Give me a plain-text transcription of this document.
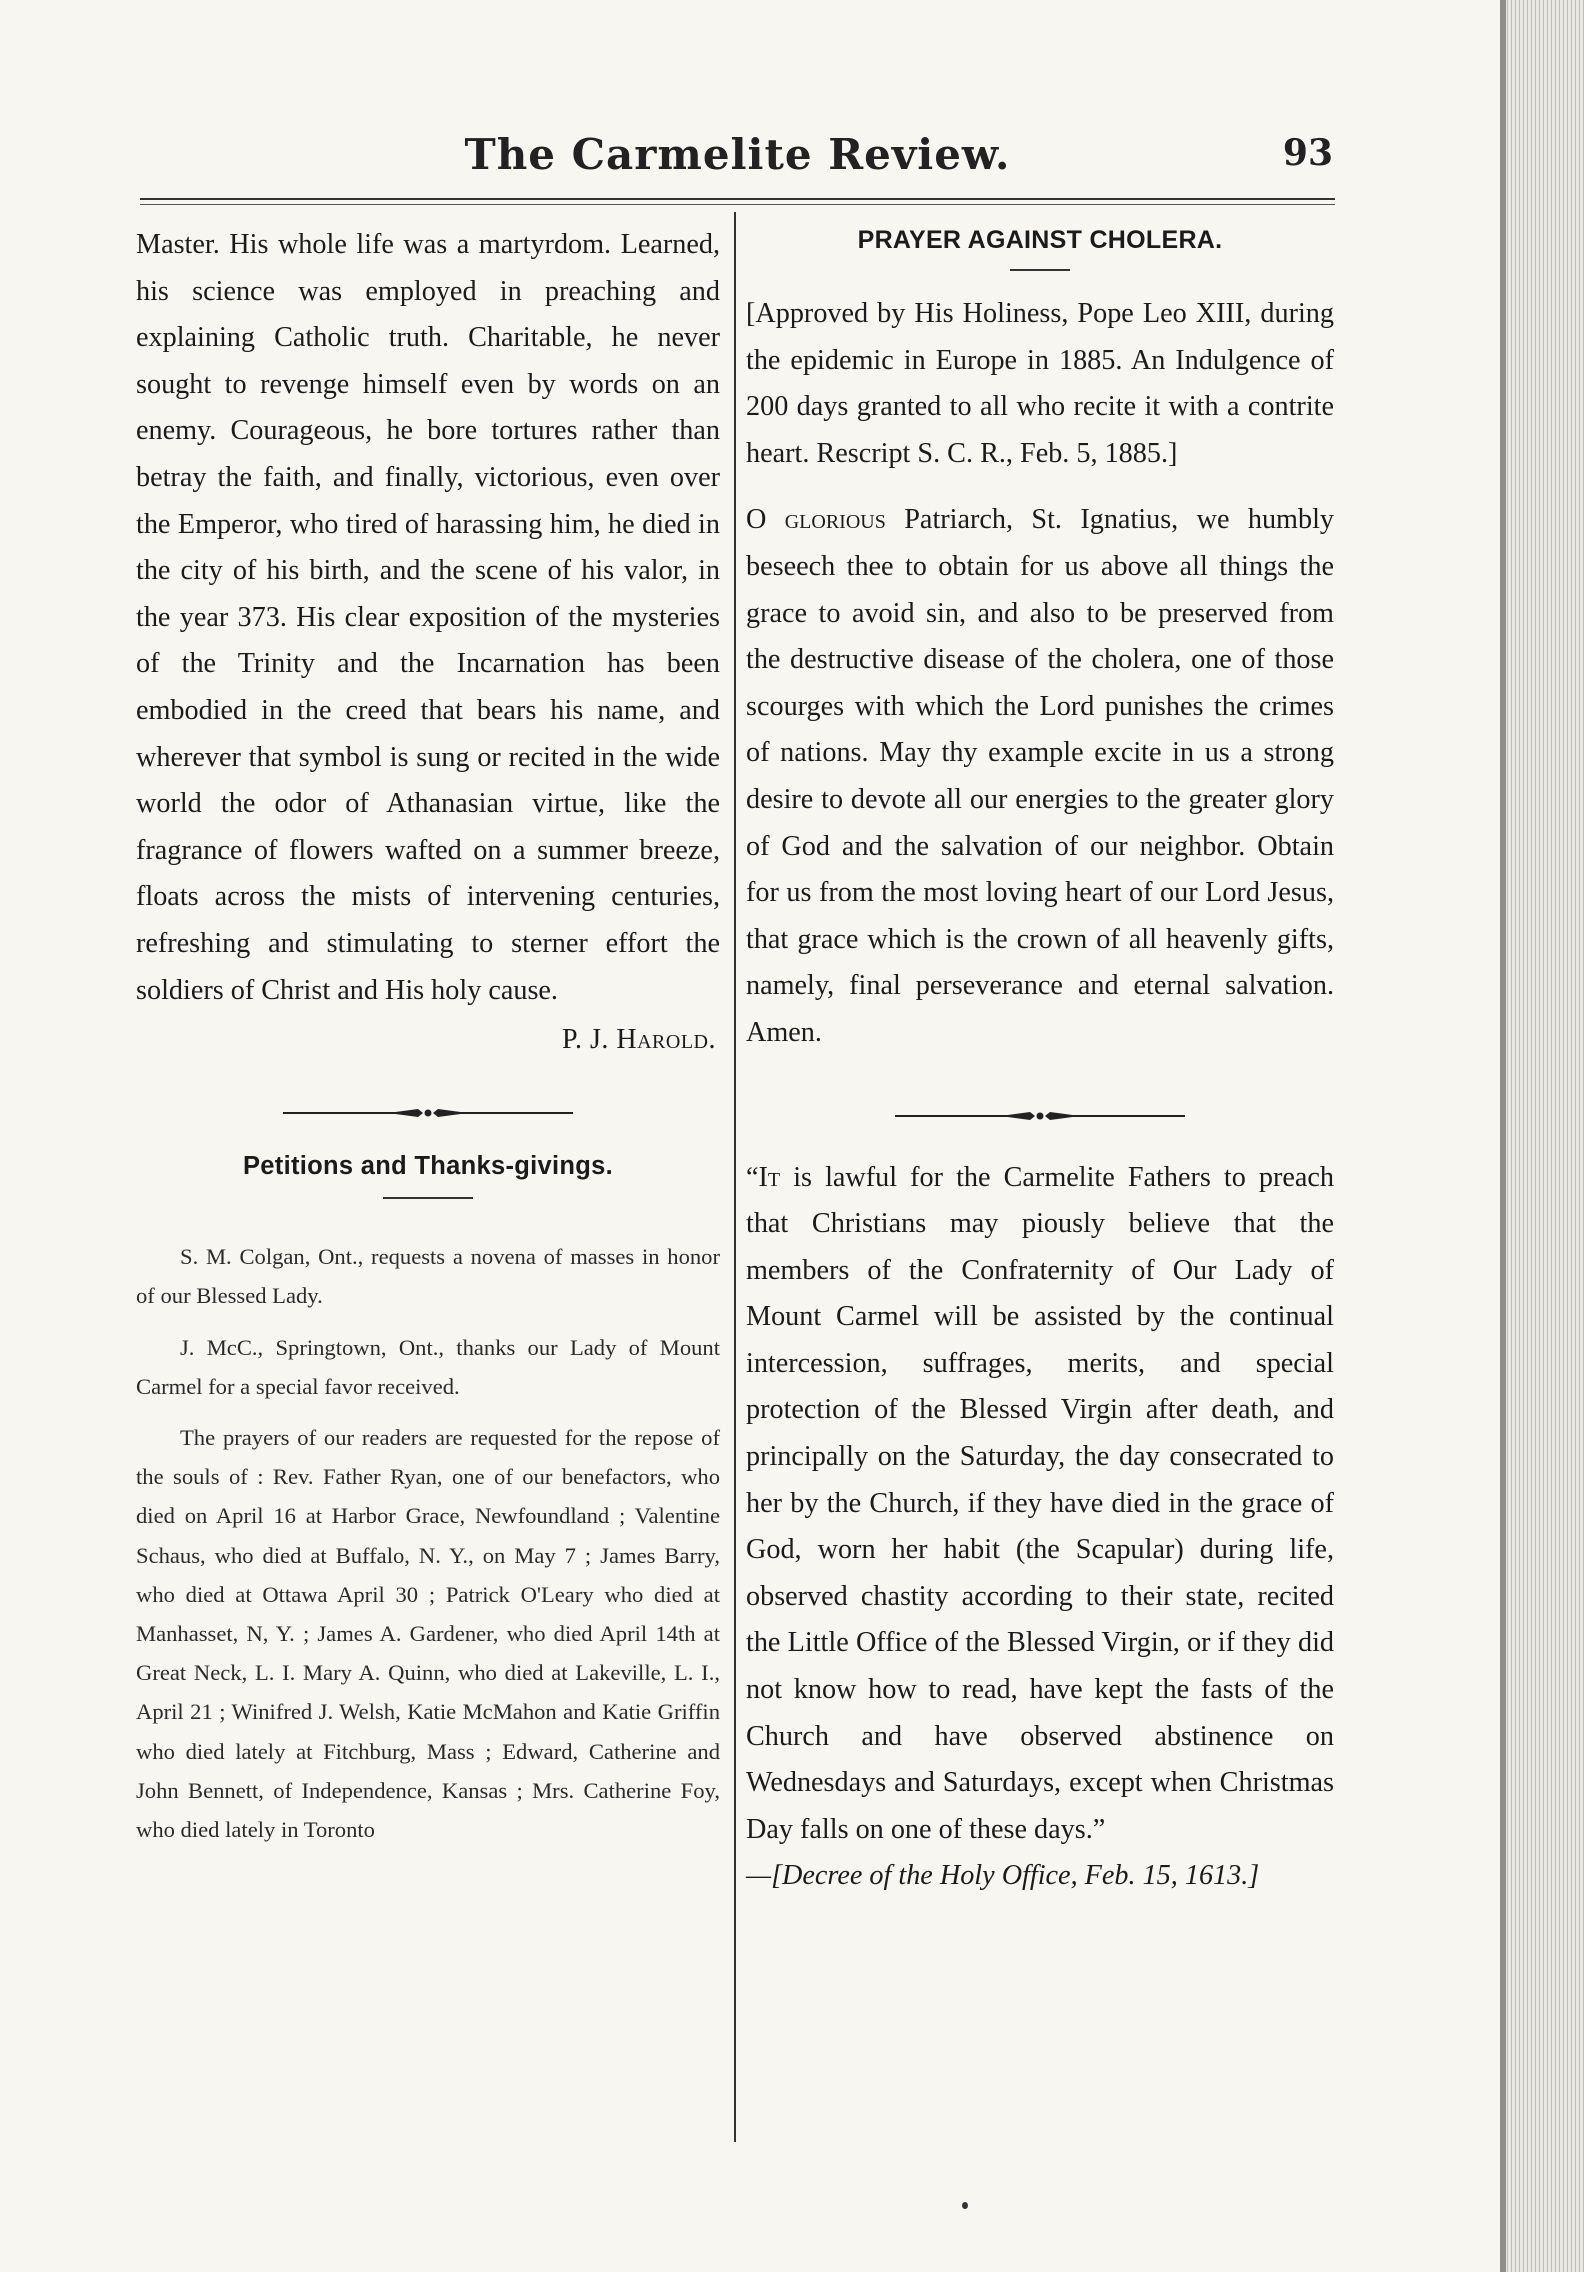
The Carmelite Review.	93

Master. His whole life was a martyrdom. Learned, his science was employed in preaching and explaining Catholic truth. Charitable, he never sought to revenge himself even by words on an enemy. Courageous, he bore tortures rather than betray the faith, and finally, victorious, even over the Emperor, who tired of harassing him, he died in the city of his birth, and the scene of his valor, in the year 373. His clear exposition of the mysteries of the Trinity and the Incarnation has been embodied in the creed that bears his name, and wherever that symbol is sung or recited in the wide world the odor of Athanasian virtue, like the fragrance of flowers wafted on a summer breeze, floats across the mists of intervening centuries, refreshing and stimulating to sterner effort the soldiers of Christ and His holy cause.

P. J. Harold.

Petitions and Thanks-givings.

S. M. Colgan, Ont., requests a novena of masses in honor of our Blessed Lady.

J. McC., Springtown, Ont., thanks our Lady of Mount Carmel for a special favor received.

The prayers of our readers are requested for the repose of the souls of : Rev. Father Ryan, one of our benefactors, who died on April 16 at Harbor Grace, Newfoundland ; Valentine Schaus, who died at Buffalo, N. Y., on May 7 ; James Barry, who died at Ottawa April 30 ; Patrick O'Leary who died at Manhasset, N, Y. ; James A. Gardener, who died April 14th at Great Neck, L. I. Mary A. Quinn, who died at Lakeville, L. I., April 21 ; Winifred J. Welsh, Katie McMahon and Katie Griffin who died lately at Fitchburg, Mass ; Edward, Catherine and John Bennett, of Independence, Kansas ; Mrs. Catherine Foy, who died lately in Toronto

PRAYER AGAINST CHOLERA.

[Approved by His Holiness, Pope Leo XIII, during the epidemic in Europe in 1885. An Indulgence of 200 days granted to all who recite it with a contrite heart. Rescript S. C. R., Feb. 5, 1885.]

O glorious Patriarch, St. Ignatius, we humbly beseech thee to obtain for us above all things the grace to avoid sin, and also to be preserved from the destructive disease of the cholera, one of those scourges with which the Lord punishes the crimes of nations. May thy example excite in us a strong desire to devote all our energies to the greater glory of God and the salvation of our neighbor. Obtain for us from the most loving heart of our Lord Jesus, that grace which is the crown of all heavenly gifts, namely, final perseverance and eternal salvation. Amen.

“It is lawful for the Carmelite Fathers to preach that Christians may piously believe that the members of the Confraternity of Our Lady of Mount Carmel will be assisted by the continual intercession, suffrages, merits, and special protection of the Blessed Virgin after death, and principally on the Saturday, the day consecrated to her by the Church, if they have died in the grace of God, worn her habit (the Scapular) during life, observed chastity according to their state, recited the Little Office of the Blessed Virgin, or if they did not know how to read, have kept the fasts of the Church and have observed abstinence on Wednesdays and Saturdays, except when Christmas Day falls on one of these days.”

—[Decree of the Holy Office, Feb. 15, 1613.]
